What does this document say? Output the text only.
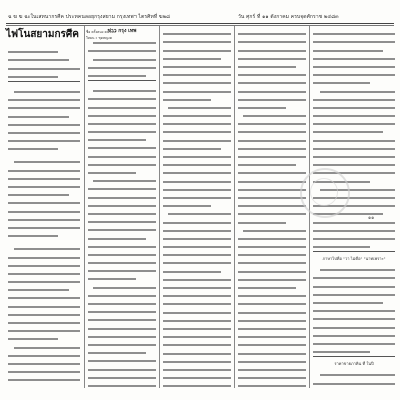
ฉ ฆ ฆ ฉะในเสทนากรศีค ประทคนลอยุกรุงสยาม กรุงเทพฯ ไตรศิทที่ ฆ๒๘	วัน ศุกร์ ที่ ๑๑ ตังกาคม ครบจุดศักราช ๒๔๘๓
ไฟโนสยามกรศีค ชื่อ ครั้งคนง คนโขพ
ใหมน ะ ชุดหญงค
ข่าว กรุง เทพ
ภาษาไปคือ "วา ไม่คือ" "นาทเพราะ"
ราคาขายภาคิน ที่ ในปี
๑๑
